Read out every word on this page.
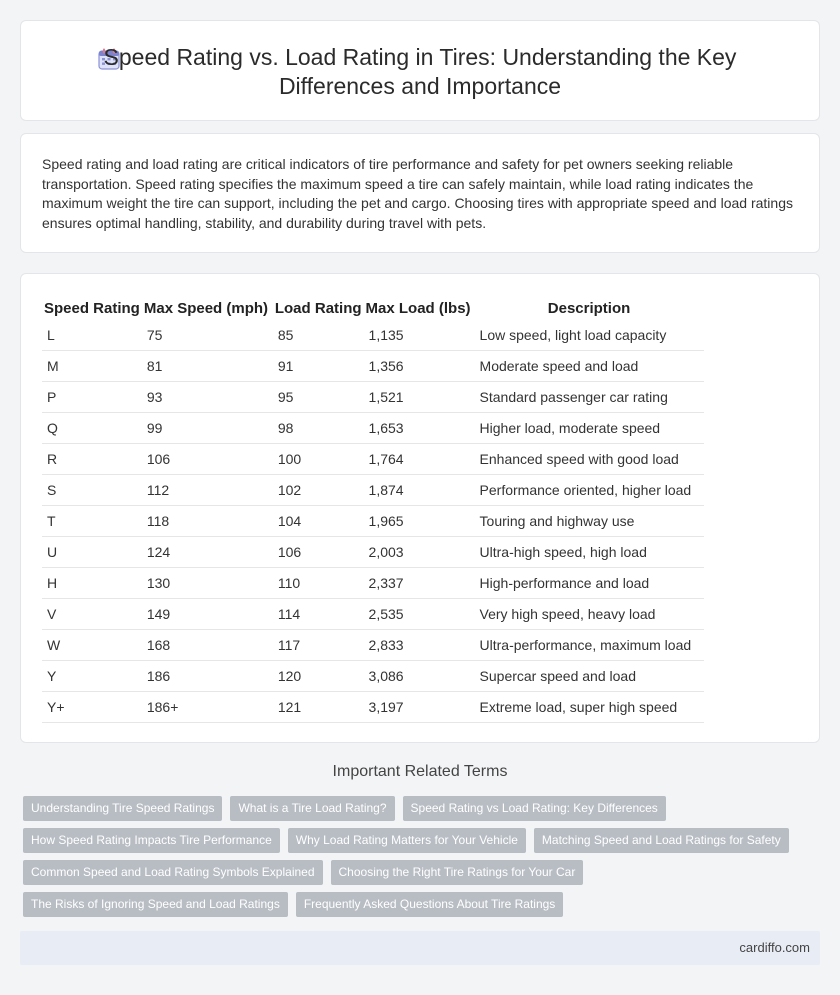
Speed Rating vs. Load Rating in Tires: Understanding the Key Differences and Importance

Speed rating and load rating are critical indicators of tire performance and safety for pet owners seeking reliable transportation. Speed rating specifies the maximum speed a tire can safely maintain, while load rating indicates the maximum weight the tire can support, including the pet and cargo. Choosing tires with appropriate speed and load ratings ensures optimal handling, stability, and durability during travel with pets.

Speed Rating	Max Speed (mph)	Load Rating	Max Load (lbs)	Description
L	75	85	1,135	Low speed, light load capacity
M	81	91	1,356	Moderate speed and load
P	93	95	1,521	Standard passenger car rating
Q	99	98	1,653	Higher load, moderate speed
R	106	100	1,764	Enhanced speed with good load
S	112	102	1,874	Performance oriented, higher load
T	118	104	1,965	Touring and highway use
U	124	106	2,003	Ultra-high speed, high load
H	130	110	2,337	High-performance and load
V	149	114	2,535	Very high speed, heavy load
W	168	117	2,833	Ultra-performance, maximum load
Y	186	120	3,086	Supercar speed and load
Y+	186+	121	3,197	Extreme load, super high speed
Important Related Terms
Understanding Tire Speed Ratings	What is a Tire Load Rating?	Speed Rating vs Load Rating: Key Differences
How Speed Rating Impacts Tire Performance	Why Load Rating Matters for Your Vehicle	Matching Speed and Load Ratings for Safety
Common Speed and Load Rating Symbols Explained	Choosing the Right Tire Ratings for Your Car
The Risks of Ignoring Speed and Load Ratings	Frequently Asked Questions About Tire Ratings
cardiffo.com
